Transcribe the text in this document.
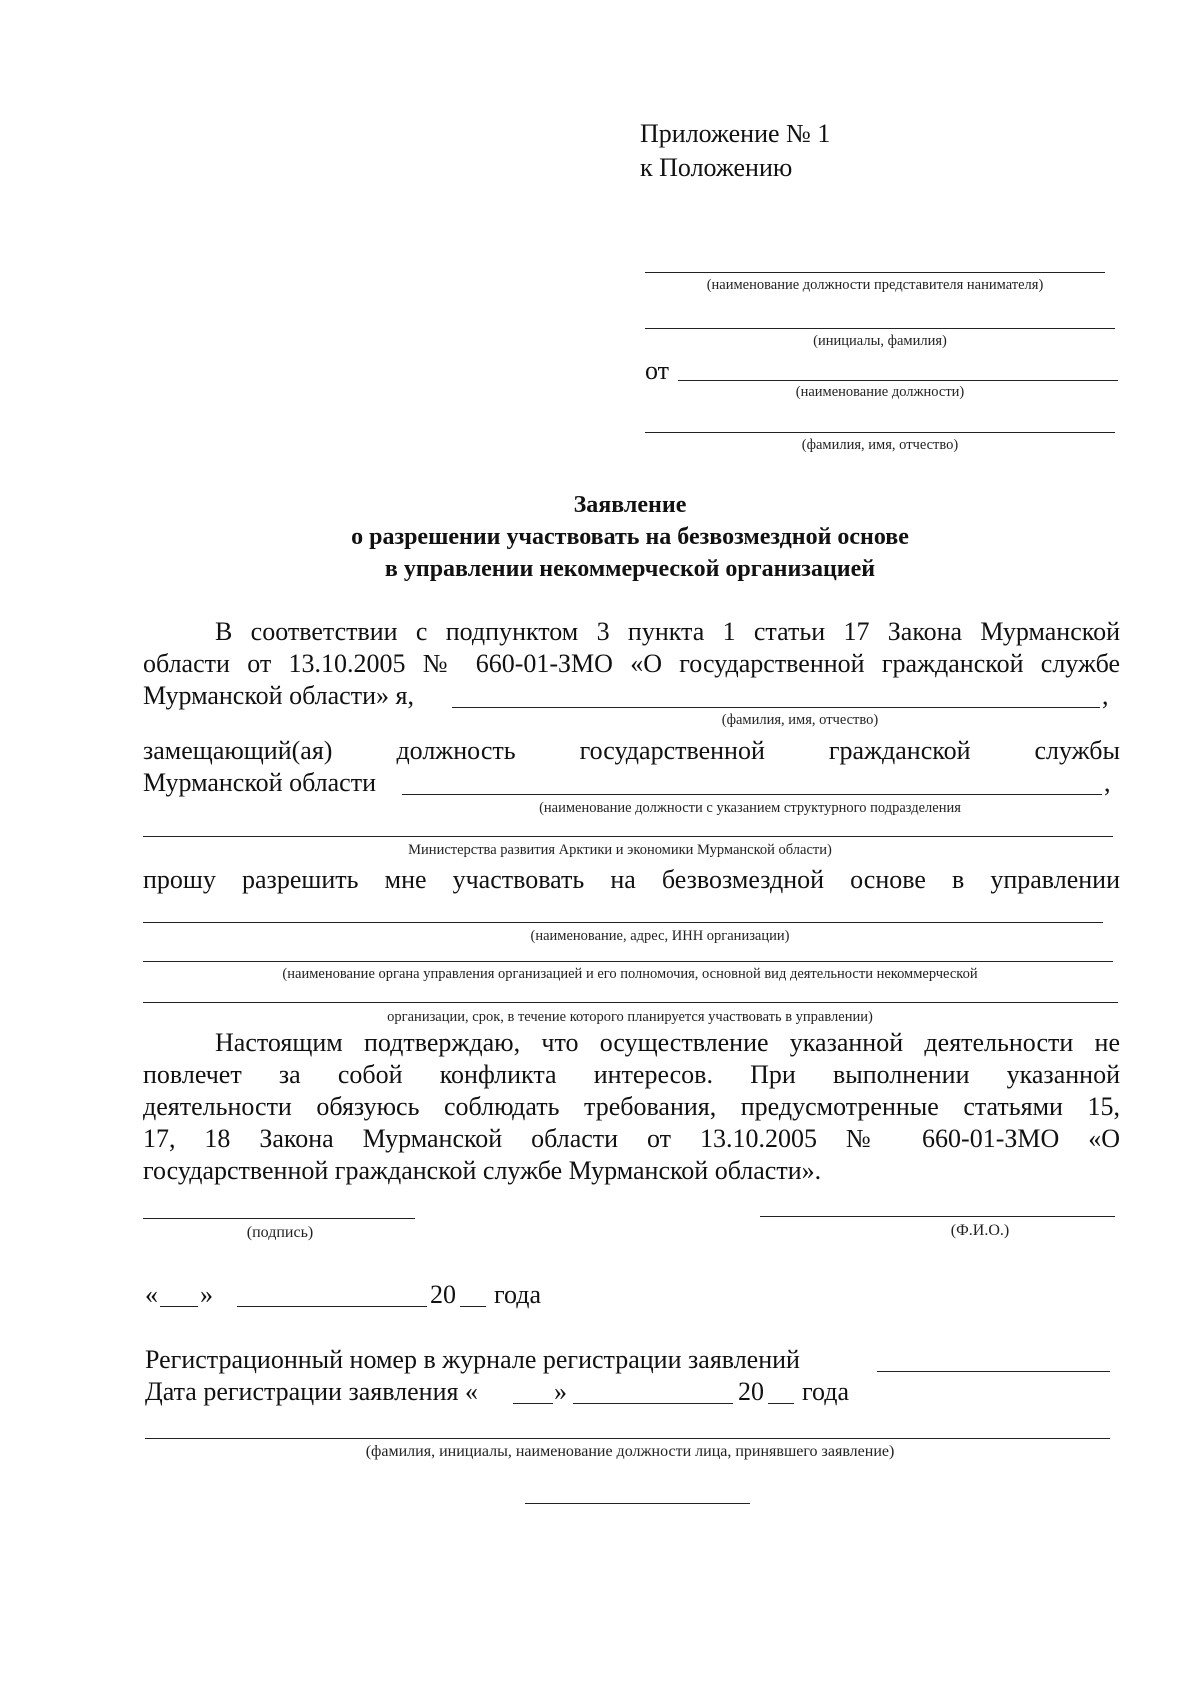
Приложение № 1
к Положению
(наименование должности представителя нанимателя)
(инициалы, фамилия)
от
(наименование должности)
(фамилия, имя, отчество)
Заявление
о разрешении участвовать на безвозмездной основе
в управлении некоммерческой организацией
В соответствии с подпунктом 3 пункта 1 статьи 17 Закона Мурманской
области от 13.10.2005 № 660-01-ЗМО «О государственной гражданской службе
Мурманской области» я,	,
(фамилия, имя, отчество)
замещающий(ая) должность государственной гражданской службы
Мурманской области	,
(наименование должности с указанием структурного подразделения
Министерства развития Арктики и экономики Мурманской области)
прошу разрешить мне участвовать на безвозмездной основе в управлении
(наименование, адрес, ИНН организации)
(наименование органа управления организацией и его полномочия, основной вид деятельности некоммерческой
организации, срок, в течение которого планируется участвовать в управлении)
Настоящим подтверждаю, что осуществление указанной деятельности не
повлечет за собой конфликта интересов. При выполнении указанной
деятельности обязуюсь соблюдать требования, предусмотренные статьями 15,
17, 18 Закона Мурманской области от 13.10.2005 № 660-01-ЗМО «О
государственной гражданской службе Мурманской области».
(подпись)	(Ф.И.О.)
« »	20 года
Регистрационный номер в журнале регистрации заявлений
Дата регистрации заявления «	»	20 года
(фамилия, инициалы, наименование должности лица, принявшего заявление)
